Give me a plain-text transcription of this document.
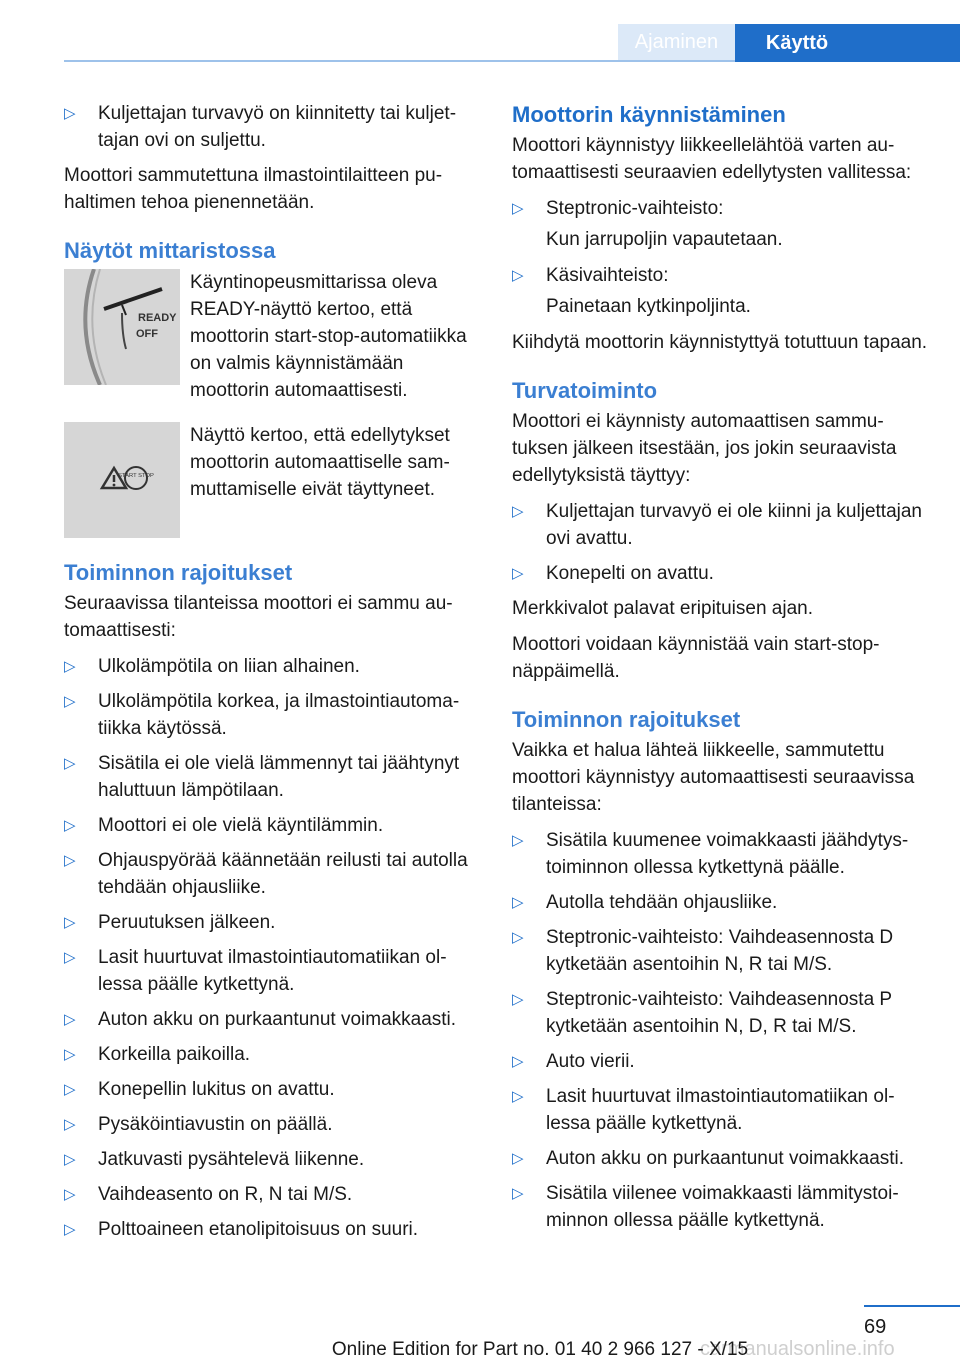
Ajaminen	Käyttö
▷	Kuljettajan turvavyö on kiinnitetty tai kuljettajan ovi on suljettu.

Moottori sammutettuna ilmastointilaitteen puhaltimen tehoa pienennetään.

Näytöt mittaristossa
READY
OFF

Käyntinopeusmittarissa oleva READY-näyttö kertoo, että moottorin start-stop-automatiikka on valmis käynnistämään moottorin automaattisesti.

START STOP

Näyttö kertoo, että edellytykset moottorin automaattiselle sammuttamiselle eivät täyttyneet.

Toiminnon rajoitukset

Seuraavissa tilanteissa moottori ei sammu automaattisesti:

▷	Ulkolämpötila on liian alhainen.
▷	Ulkolämpötila korkea, ja ilmastointiautomatiikka käytössä.
▷	Sisätila ei ole vielä lämmennyt tai jäähtynyt haluttuun lämpötilaan.
▷	Moottori ei ole vielä käyntilämmin.
▷	Ohjauspyörää käännetään reilusti tai autolla tehdään ohjausliike.
▷	Peruutuksen jälkeen.
▷	Lasit huurtuvat ilmastointiautomatiikan ollessa päälle kytkettynä.
▷	Auton akku on purkaantunut voimakkaasti.
▷	Korkeilla paikoilla.
▷	Konepellin lukitus on avattu.
▷	Pysäköintiavustin on päällä.
▷	Jatkuvasti pysähtelevä liikenne.
▷	Vaihdeasento on R, N tai M/S.
▷	Polttoaineen etanolipitoisuus on suuri.
Moottorin käynnistäminen

Moottori käynnistyy liikkeellelähtöä varten automaattisesti seuraavien edellytysten vallitessa:

▷	Steptronic-vaihteisto:

Kun jarrupoljin vapautetaan.

▷	Käsivaihteisto:

Painetaan kytkinpoljinta.

Kiihdytä moottorin käynnistyttyä totuttuun tapaan.

Turvatoiminto

Moottori ei käynnisty automaattisen sammutuksen jälkeen itsestään, jos jokin seuraavista edellytyksistä täyttyy:

▷	Kuljettajan turvavyö ei ole kiinni ja kuljettajan ovi avattu.
▷	Konepelti on avattu.

Merkkivalot palavat eripituisen ajan.

Moottori voidaan käynnistää vain start-stop-näppäimellä.

Toiminnon rajoitukset

Vaikka et halua lähteä liikkeelle, sammutettu moottori käynnistyy automaattisesti seuraavissa tilanteissa:

▷	Sisätila kuumenee voimakkaasti jäähdytystoiminnon ollessa kytkettynä päälle.
▷	Autolla tehdään ohjausliike.
▷	Steptronic-vaihteisto: Vaihdeasennosta D kytketään asentoihin N, R tai M/S.
▷	Steptronic-vaihteisto: Vaihdeasennosta P kytketään asentoihin N, D, R tai M/S.
▷	Auto vierii.
▷	Lasit huurtuvat ilmastointiautomatiikan ollessa päälle kytkettynä.
▷	Auton akku on purkaantunut voimakkaasti.
▷	Sisätila viilenee voimakkaasti lämmitystoiminnon ollessa päälle kytkettynä.
69
carmanualsonline.info
Online Edition for Part no. 01 40 2 966 127 - X/15
